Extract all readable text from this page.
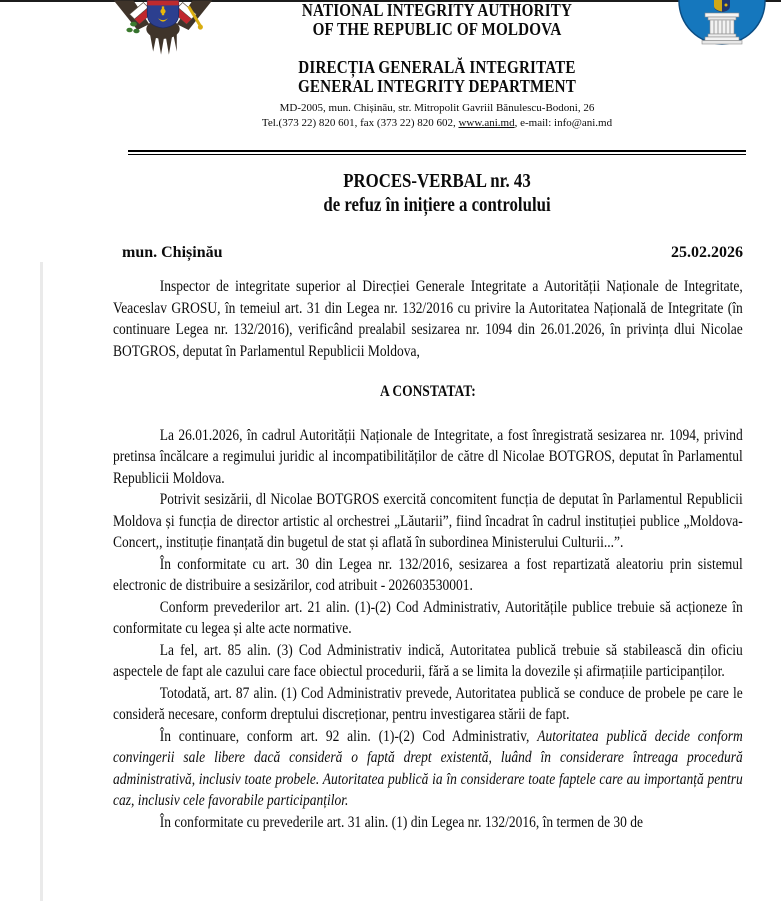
NATIONAL INTEGRITY AUTHORITY
OF THE REPUBLIC OF MOLDOVA
DIRECȚIA GENERALĂ INTEGRITATE
GENERAL INTEGRITY DEPARTMENT
MD-2005, mun. Chișinău, str. Mitropolit Gavriil Bănulescu-Bodoni, 26
Tel.(373 22) 820 601, fax (373 22) 820 602, www.ani.md, e-mail: info@ani.md
PROCES-VERBAL nr. 43
de refuz în inițiere a controlului
mun. Chișinău	25.02.2026

Inspector de integritate superior al Direcției Generale Integritate a Autorității Naționale de Integritate, Veaceslav GROSU, în temeiul art. 31 din Legea nr. 132/2016 cu privire la Autoritatea Națională de Integritate (în continuare Legea nr. 132/2016), verificând prealabil sesizarea nr. 1094 din 26.01.2026, în privința dlui Nicolae BOTGROS, deputat în Parlamentul Republicii Moldova,

A CONSTATAT:

La 26.01.2026, în cadrul Autorității Naționale de Integritate, a fost înregistrată sesizarea nr. 1094, privind pretinsa încălcare a regimului juridic al incompatibilităților de către dl Nicolae BOTGROS, deputat în Parlamentul Republicii Moldova.

Potrivit sesizării, dl Nicolae BOTGROS exercită concomitent funcția de deputat în Parlamentul Republicii Moldova și funcția de director artistic al orchestrei „Lăutarii”, fiind încadrat în cadrul instituției publice „Moldova-Concert,, instituție finanțată din bugetul de stat și aflată în subordinea Ministerului Culturii...”.

În conformitate cu art. 30 din Legea nr. 132/2016, sesizarea a fost repartizată aleatoriu prin sistemul electronic de distribuire a sesizărilor, cod atribuit - 202603530001.

Conform prevederilor art. 21 alin. (1)-(2) Cod Administrativ, Autoritățile publice trebuie să acționeze în conformitate cu legea și alte acte normative.

La fel, art. 85 alin. (3) Cod Administrativ indică, Autoritatea publică trebuie să stabilească din oficiu aspectele de fapt ale cazului care face obiectul procedurii, fără a se limita la dovezile și afirmațiile participanților.

Totodată, art. 87 alin. (1) Cod Administrativ prevede, Autoritatea publică se conduce de probele pe care le consideră necesare, conform dreptului discreționar, pentru investigarea stării de fapt.

În continuare, conform art. 92 alin. (1)-(2) Cod Administrativ, Autoritatea publică decide conform convingerii sale libere dacă consideră o faptă drept existentă, luând în considerare întreaga procedură administrativă, inclusiv toate probele. Autoritatea publică ia în considerare toate faptele care au importanță pentru caz, inclusiv cele favorabile participanților.

În conformitate cu prevederile art. 31 alin. (1) din Legea nr. 132/2016, în termen de 30 de
